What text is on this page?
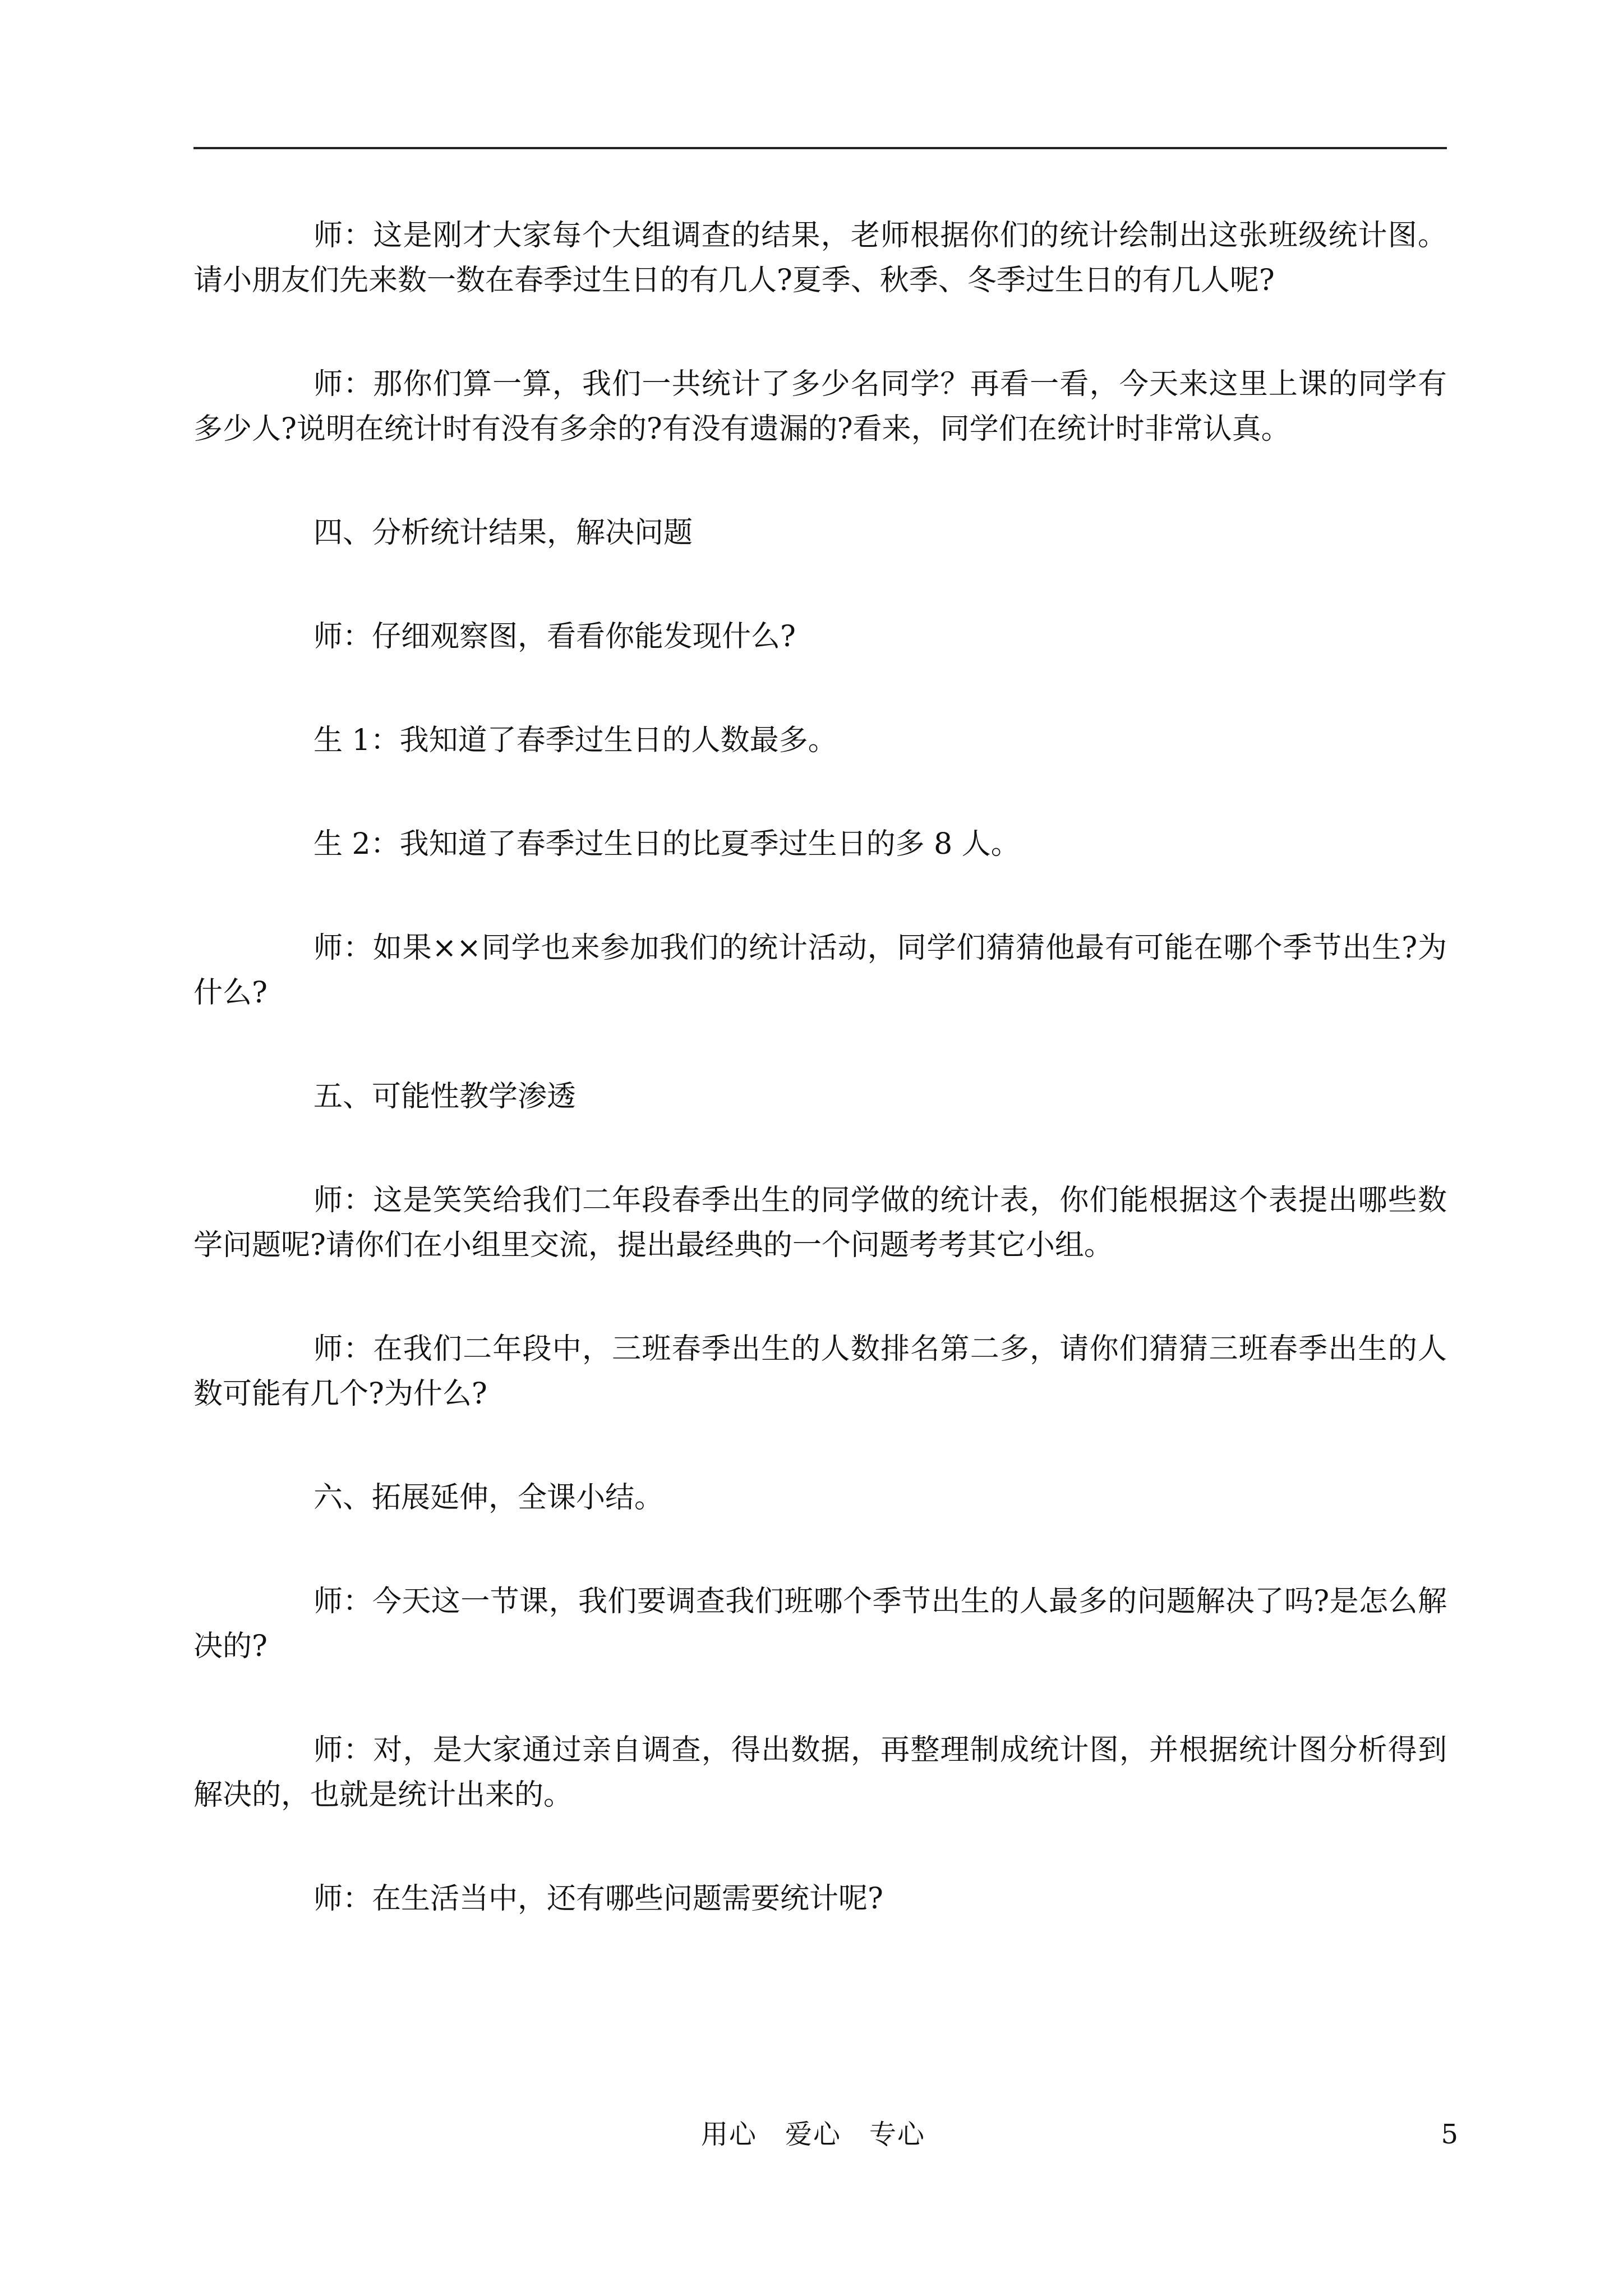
师：这是刚才大家每个大组调查的结果，老师根据你们的统计绘制出这张班级统计图。请小朋友们先来数一数在春季过生日的有几人?夏季、秋季、冬季过生日的有几人呢?

师：那你们算一算，我们一共统计了多少名同学？再看一看，今天来这里上课的同学有多少人?说明在统计时有没有多余的?有没有遗漏的?看来，同学们在统计时非常认真。

四、分析统计结果，解决问题

师：仔细观察图，看看你能发现什么?

生 1：我知道了春季过生日的人数最多。

生 2：我知道了春季过生日的比夏季过生日的多 8 人。

师：如果××同学也来参加我们的统计活动，同学们猜猜他最有可能在哪个季节出生?为什么?

五、可能性教学渗透

师：这是笑笑给我们二年段春季出生的同学做的统计表，你们能根据这个表提出哪些数学问题呢?请你们在小组里交流，提出最经典的一个问题考考其它小组。

师：在我们二年段中，三班春季出生的人数排名第二多，请你们猜猜三班春季出生的人数可能有几个?为什么?

六、拓展延伸，全课小结。

师：今天这一节课，我们要调查我们班哪个季节出生的人最多的问题解决了吗?是怎么解决的?

师：对，是大家通过亲自调查，得出数据，再整理制成统计图，并根据统计图分析得到解决的，也就是统计出来的。

师：在生活当中，还有哪些问题需要统计呢?

用心　爱心　专心	5
